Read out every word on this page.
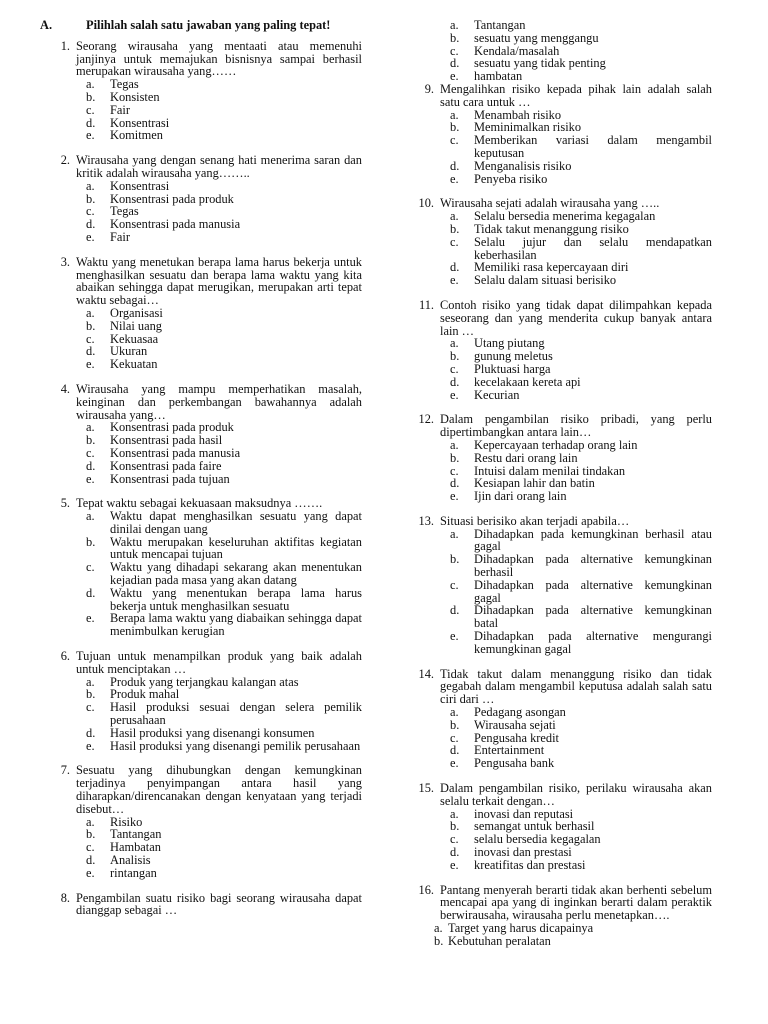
A.	Pilihlah salah satu jawaban yang paling tepat!
1. Seorang wirausaha yang mentaati atau memenuhi janjinya untuk memajukan bisnisnya sampai berhasil merupakan wirausaha yang……
a.	Tegas
b.	Konsisten
c.	Fair
d.	Konsentrasi
e.	Komitmen
2. Wirausaha yang dengan senang hati menerima saran dan kritik adalah wirausaha yang……..
a.	Konsentrasi
b.	Konsentrasi pada produk
c.	Tegas
d.	Konsentrasi pada manusia
e.	Fair
3. Waktu yang menetukan berapa lama harus bekerja untuk menghasilkan sesuatu dan berapa lama waktu yang kita abaikan sehingga dapat merugikan, merupakan arti tepat waktu sebagai…
a.	Organisasi
b.	Nilai uang
c.	Kekuasaa
d.	Ukuran
e.	Kekuatan
4. Wirausaha yang mampu memperhatikan masalah, keinginan dan perkembangan bawahannya adalah wirausaha yang…
a.	Konsentrasi pada produk
b.	Konsentrasi pada hasil
c.	Konsentrasi pada manusia
d.	Konsentrasi pada faire
e.	Konsentrasi pada tujuan
5. Tepat waktu sebagai kekuasaan maksudnya …….
a.	Waktu dapat menghasilkan sesuatu yang dapat dinilai dengan uang
b.	Waktu merupakan keseluruhan aktifitas kegiatan untuk mencapai tujuan
c.	Waktu yang dihadapi sekarang akan menentukan kejadian pada masa yang akan datang
d.	Waktu yang menentukan berapa lama harus bekerja untuk menghasilkan sesuatu
e.	Berapa lama waktu yang diabaikan sehingga dapat menimbulkan kerugian
6. Tujuan untuk menampilkan produk yang baik adalah untuk menciptakan …
a.	Produk yang terjangkau kalangan atas
b.	Produk mahal
c.	Hasil produksi sesuai dengan selera pemilik perusahaan
d.	Hasil produksi yang disenangi konsumen
e.	Hasil produksi yang disenangi pemilik perusahaan
7. Sesuatu yang dihubungkan dengan kemungkinan terjadinya penyimpangan antara hasil yang diharapkan/direncanakan dengan kenyataan yang terjadi disebut…
a.	Risiko
b.	Tantangan
c.	Hambatan
d.	Analisis
e.	rintangan
8. Pengambilan suatu risiko bagi seorang wirausaha dapat dianggap sebagai …
a.	Tantangan
b.	sesuatu yang menggangu
c.	Kendala/masalah
d.	sesuatu yang tidak penting
e.	hambatan
9. Mengalihkan risiko kepada pihak lain adalah salah satu cara untuk …
a.	Menambah risiko
b.	Meminimalkan risiko
c.	Memberikan variasi dalam mengambil keputusan
d.	Menganalisis risiko
e.	Penyeba risiko
10. Wirausaha sejati adalah wirausaha yang …..
a.	Selalu bersedia menerima kegagalan
b.	Tidak takut menanggung risiko
c.	Selalu jujur dan selalu mendapatkan keberhasilan
d.	Memiliki rasa kepercayaan diri
e.	Selalu dalam situasi berisiko
11. Contoh risiko yang tidak dapat dilimpahkan kepada seseorang dan yang menderita cukup banyak antara lain …
a.	Utang piutang
b.	gunung meletus
c.	Pluktuasi harga
d.	kecelakaan kereta api
e.	Kecurian
12. Dalam pengambilan risiko pribadi, yang perlu dipertimbangkan antara lain…
a.	Kepercayaan terhadap orang lain
b.	Restu dari orang lain
c.	Intuisi dalam menilai tindakan
d.	Kesiapan lahir dan batin
e.	Ijin dari orang lain
13. Situasi berisiko akan terjadi apabila…
a.	Dihadapkan pada kemungkinan berhasil atau gagal
b.	Dihadapkan pada alternative kemungkinan berhasil
c.	Dihadapkan pada alternative kemungkinan gagal
d.	Dihadapkan pada alternative kemungkinan batal
e.	Dihadapkan pada alternative mengurangi kemungkinan gagal
14. Tidak takut dalam menanggung risiko dan tidak gegabah dalam mengambil keputusa adalah salah satu ciri dari …
a.	Pedagang asongan
b.	Wirausaha sejati
c.	Pengusaha kredit
d.	Entertainment
e.	Pengusaha bank
15. Dalam pengambilan risiko, perilaku wirausaha akan selalu terkait dengan…
a.	inovasi dan reputasi
b.	semangat untuk berhasil
c.	selalu bersedia kegagalan
d.	inovasi dan prestasi
e.	kreatifitas dan prestasi
16. Pantang menyerah berarti tidak akan berhenti sebelum mencapai apa yang di inginkan berarti dalam peraktik berwirausaha, wirausaha perlu menetapkan….
a. Target yang harus dicapainya
b. Kebutuhan peralatan
